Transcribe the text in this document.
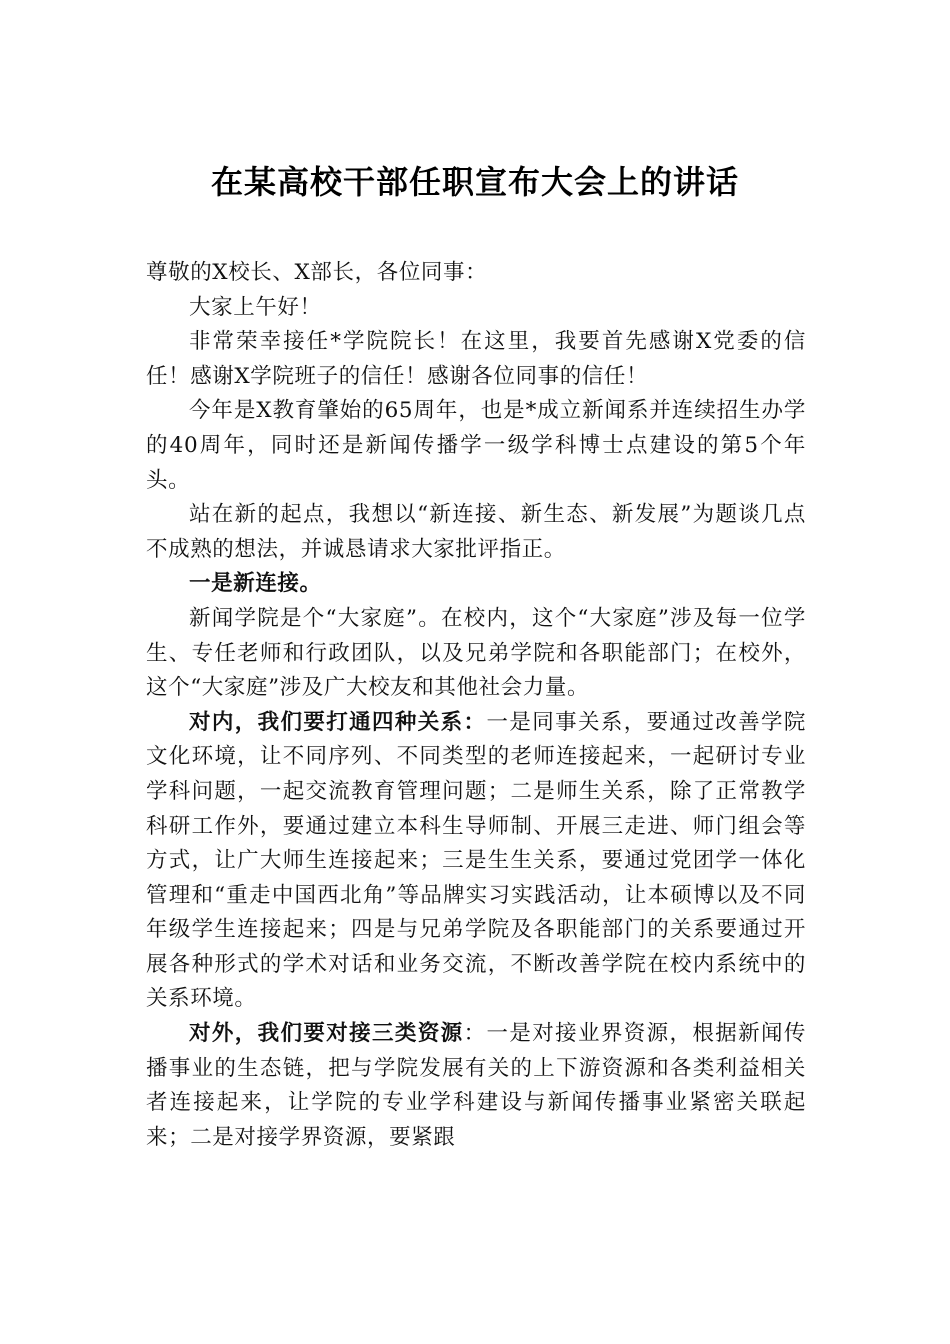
在某高校干部任职宣布大会上的讲话

尊敬的X校长、X部长，各位同事：

大家上午好！

非常荣幸接任*学院院长！在这里，我要首先感谢X党委的信任！感谢X学院班子的信任！感谢各位同事的信任！

今年是X教育肇始的65周年，也是*成立新闻系并连续招生办学的40周年，同时还是新闻传播学一级学科博士点建设的第5个年头。

站在新的起点，我想以“新连接、新生态、新发展”为题谈几点不成熟的想法，并诚恳请求大家批评指正。

一是新连接。

新闻学院是个“大家庭”。在校内，这个“大家庭”涉及每一位学生、专任老师和行政团队，以及兄弟学院和各职能部门；在校外，这个“大家庭”涉及广大校友和其他社会力量。

对内，我们要打通四种关系：一是同事关系，要通过改善学院文化环境，让不同序列、不同类型的老师连接起来，一起研讨专业学科问题，一起交流教育管理问题；二是师生关系，除了正常教学科研工作外，要通过建立本科生导师制、开展三走进、师门组会等方式，让广大师生连接起来；三是生生关系，要通过党团学一体化管理和“重走中国西北角”等品牌实习实践活动，让本硕博以及不同年级学生连接起来；四是与兄弟学院及各职能部门的关系要通过开展各种形式的学术对话和业务交流，不断改善学院在校内系统中的关系环境。

对外，我们要对接三类资源：一是对接业界资源，根据新闻传播事业的生态链，把与学院发展有关的上下游资源和各类利益相关者连接起来，让学院的专业学科建设与新闻传播事业紧密关联起来；二是对接学界资源，要紧跟
